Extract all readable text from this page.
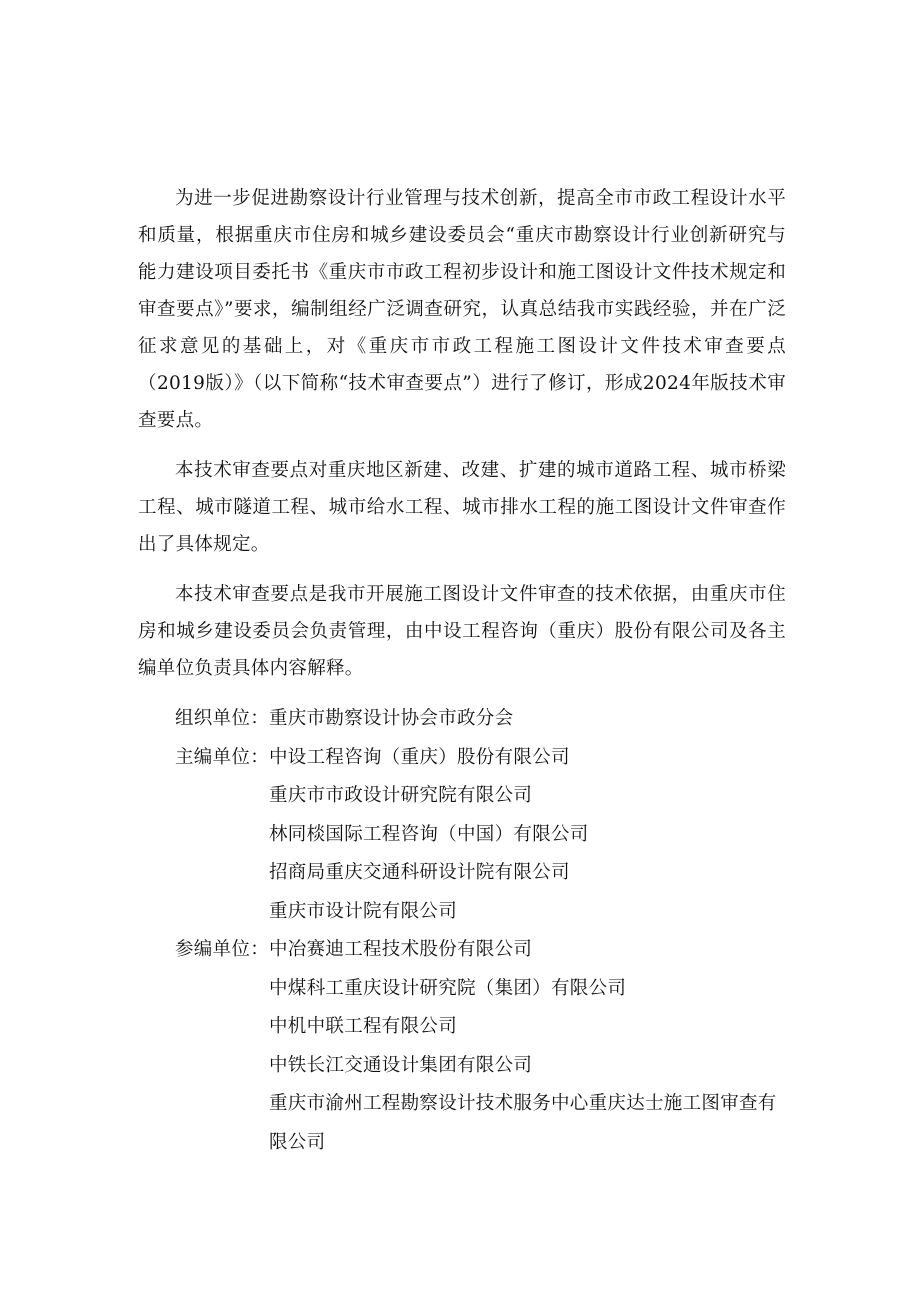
为进一步促进勘察设计行业管理与技术创新，提高全市市政工程设计水平和质量，根据重庆市住房和城乡建设委员会“重庆市勘察设计行业创新研究与能力建设项目委托书《重庆市市政工程初步设计和施工图设计文件技术规定和审查要点》”要求，编制组经广泛调查研究，认真总结我市实践经验，并在广泛征求意见的基础上，对《重庆市市政工程施工图设计文件技术审查要点（2019版）》（以下简称“技术审查要点”）进行了修订，形成2024年版技术审查要点。

本技术审查要点对重庆地区新建、改建、扩建的城市道路工程、城市桥梁工程、城市隧道工程、城市给水工程、城市排水工程的施工图设计文件审查作出了具体规定。

本技术审查要点是我市开展施工图设计文件审查的技术依据，由重庆市住房和城乡建设委员会负责管理，由中设工程咨询（重庆）股份有限公司及各主编单位负责具体内容解释。

组织单位： 重庆市勘察设计协会市政分会
主编单位： 中设工程咨询（重庆）股份有限公司
重庆市市政设计研究院有限公司
林同棪国际工程咨询（中国）有限公司
招商局重庆交通科研设计院有限公司
重庆市设计院有限公司
参编单位： 中冶赛迪工程技术股份有限公司
中煤科工重庆设计研究院（集团）有限公司
中机中联工程有限公司
中铁长江交通设计集团有限公司
重庆市渝州工程勘察设计技术服务中心重庆达士施工图审查有限公司
